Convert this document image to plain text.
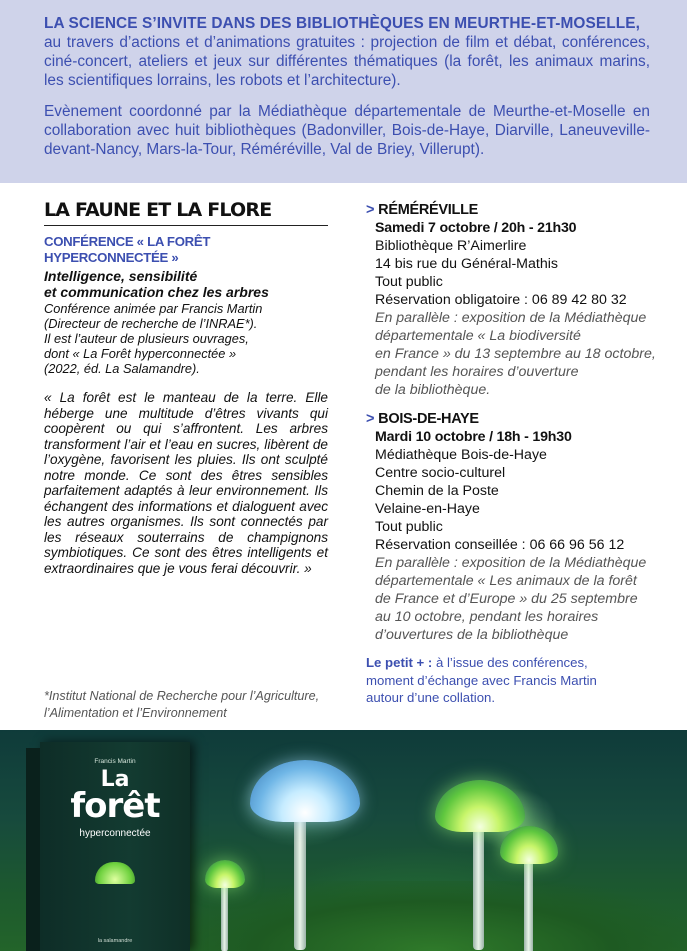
LA SCIENCE S’INVITE DANS DES BIBLIOTHÈQUES EN MEURTHE-ET-MOSELLE,
au travers d’actions et d’animations gratuites : projection de film et débat, conférences, ciné-concert, ateliers et jeux sur différentes thématiques (la forêt, les animaux marins, les scientifiques lorrains, les robots et l’architecture).

Evènement coordonné par la Médiathèque départementale de Meurthe-et-Moselle en collaboration avec huit bibliothèques (Badonviller, Bois-de-Haye, Diarville, Laneuveville-devant-Nancy, Mars-la-Tour, Réméréville, Val de Briey, Villerupt).

LA FAUNE ET LA FLORE
CONFÉRENCE « LA FORÊT HYPERCONNECTÉE »
Intelligence, sensibilité
et communication chez les arbres
Conférence animée par Francis Martin
(Directeur de recherche de l’INRAE*).
Il est l’auteur de plusieurs ouvrages,
dont « La Forêt hyperconnectée »
(2022, éd. La Salamandre).
« La forêt est le manteau de la terre. Elle héberge une multitude d’êtres vivants qui coopèrent ou qui s’affrontent. Les arbres transforment l’air et l’eau en sucres, libèrent de l’oxygène, favorisent les pluies. Ils ont sculpté notre monde. Ce sont des êtres sensibles parfaitement adaptés à leur environnement. Ils échangent des informations et dialoguent avec les autres organismes. Ils sont connectés par les réseaux souterrains de champignons symbiotiques. Ce sont des êtres intelligents et extraordinaires que je vous ferai découvrir. »
*Institut National de Recherche pour l’Agriculture,
l’Alimentation et l’Environnement
> RÉMÉRÉVILLE
Samedi 7 octobre / 20h - 21h30
Bibliothèque R’Aimerlire
14 bis rue du Général-Mathis
Tout public
Réservation obligatoire : 06 89 42 80 32
En parallèle : exposition de la Médiathèque
départementale « La biodiversité
en France » du 13 septembre au 18 octobre,
pendant les horaires d’ouverture
de la bibliothèque.
> BOIS-DE-HAYE
Mardi 10 octobre / 18h - 19h30
Médiathèque Bois-de-Haye
Centre socio-culturel
Chemin de la Poste
Velaine-en-Haye
Tout public
Réservation conseillée : 06 66 96 56 12
En parallèle : exposition de la Médiathèque
départementale « Les animaux de la forêt
de France et d’Europe » du 25 septembre
au 10 octobre, pendant les horaires
d’ouvertures de la bibliothèque
Le petit + : à l’issue des conférences,
moment d’échange avec Francis Martin
autour d’une collation.
Francis Martin
La
forêt
hyperconnectée
la salamandre
